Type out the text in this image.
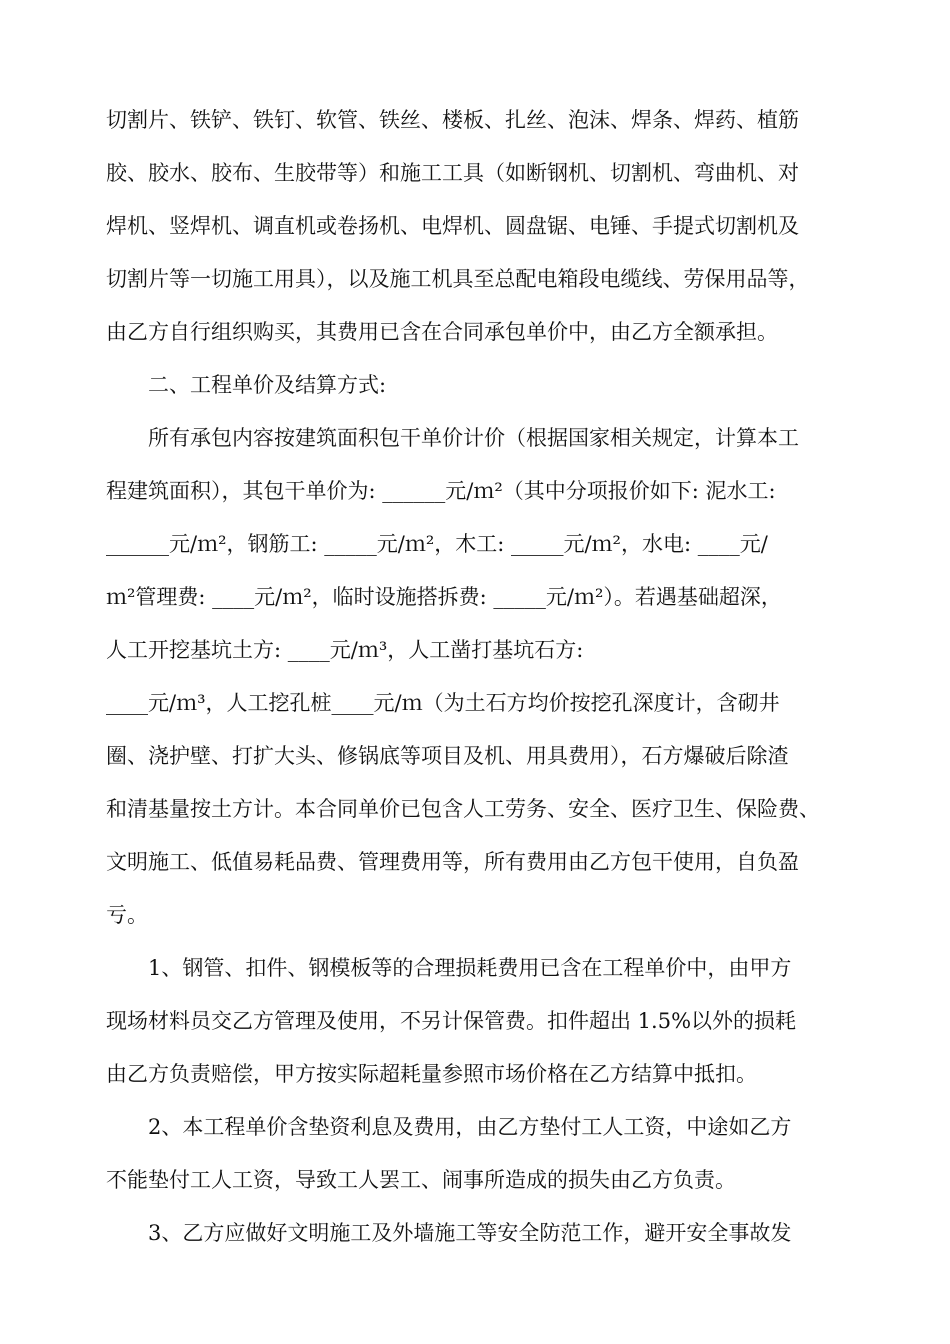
切割片、铁铲、铁钉、软管、铁丝、楼板、扎丝、泡沫、焊条、焊药、植筋
胶、胶水、胶布、生胶带等）和施工工具（如断钢机、切割机、弯曲机、对
焊机、竖焊机、调直机或卷扬机、电焊机、圆盘锯、电锤、手提式切割机及
切割片等一切施工用具），以及施工机具至总配电箱段电缆线、劳保用品等，
由乙方自行组织购买，其费用已含在合同承包单价中，由乙方全额承担。
二、工程单价及结算方式:
所有承包内容按建筑面积包干单价计价（根据国家相关规定，计算本工
程建筑面积），其包干单价为: ______元/ｍ²（其中分项报价如下: 泥水工:
______元/ｍ²，钢筋工: _____元/ｍ²，木工: _____元/ｍ²，水电: ____元/
ｍ²管理费: ____元/ｍ²，临时设施搭拆费: _____元/ｍ²）。若遇基础超深，
人工开挖基坑土方: ____元/ｍ³，人工凿打基坑石方:
____元/ｍ³，人工挖孔桩____元/ｍ（为土石方均价按挖孔深度计，含砌井
圈、浇护壁、打扩大头、修锅底等项目及机、用具费用），石方爆破后除渣
和清基量按土方计。本合同单价已包含人工劳务、安全、医疗卫生、保险费、
文明施工、低值易耗品费、管理费用等，所有费用由乙方包干使用，自负盈
亏。
1、钢管、扣件、钢模板等的合理损耗费用已含在工程单价中，由甲方
现场材料员交乙方管理及使用，不另计保管费。扣件超出 1.5%以外的损耗
由乙方负责赔偿，甲方按实际超耗量参照市场价格在乙方结算中抵扣。
2、本工程单价含垫资利息及费用，由乙方垫付工人工资，中途如乙方
不能垫付工人工资，导致工人罢工、闹事所造成的损失由乙方负责。
3、乙方应做好文明施工及外墙施工等安全防范工作，避开安全事故发
